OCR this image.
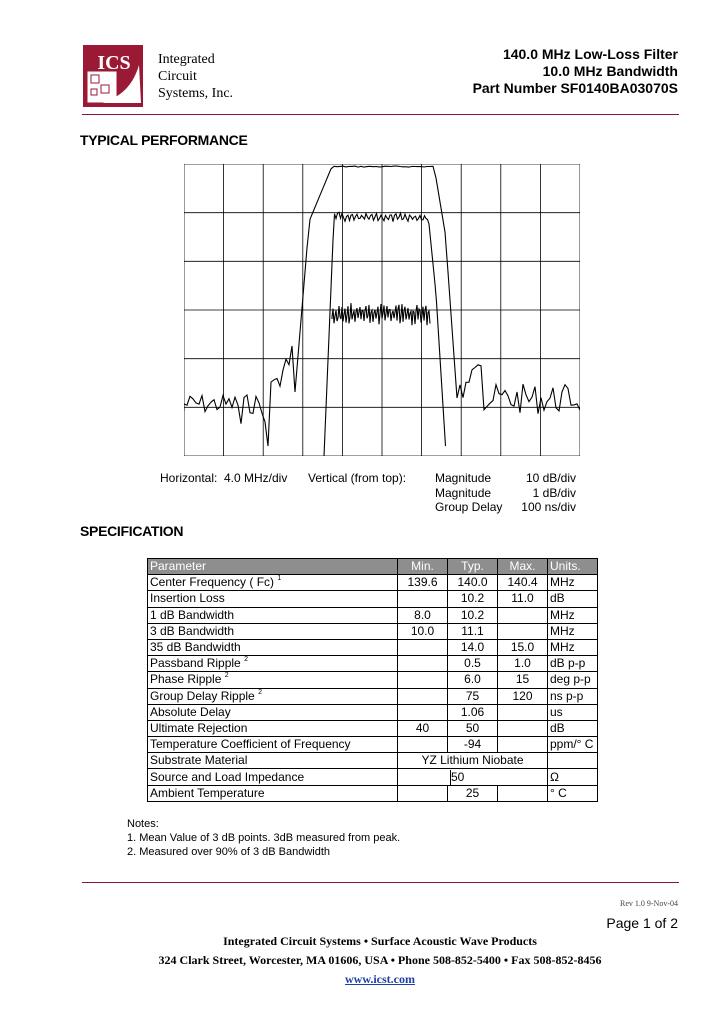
ICS Integrated
Circuit
Systems, Inc.
140.0 MHz Low-Loss Filter
10.0 MHz Bandwidth
Part Number SF0140BA03070S
TYPICAL PERFORMANCE
Horizontal: 4.0 MHz/div Vertical (from top): Magnitude
Magnitude
Group Delay
10 dB/div
1 dB/div
100 ns/div
SPECIFICATION
Parameter	Min.	Typ.	Max.	Units.
Center Frequency ( Fc) $^1$	139.6	140.0	140.4	MHz
Insertion Loss		10.2	11.0	dB
1 dB Bandwidth	8.0	10.2		MHz
3 dB Bandwidth	10.0	11.1		MHz
35 dB Bandwidth		14.0	15.0	MHz
Passband Ripple $^2$		0.5	1.0	dB p-p
Phase Ripple $^2$		6.0	15	deg p-p
Group Delay Ripple $^2$		75	120	ns p-p
Absolute Delay		1.06		us
Ultimate Rejection	40	50		dB
Temperature Coefficient of Frequency		-94		ppm/° C
Substrate Material	YZ Lithium Niobate			
Source and Load Impedance	50			Ω
Ambient Temperature		25		° C
Notes:
1. Mean Value of 3 dB points. 3dB measured from peak.
2. Measured over 90% of 3 dB Bandwidth
Rev 1.0 9-Nov-04
Page 1 of 2
Integrated Circuit Systems • Surface Acoustic Wave Products
324 Clark Street, Worcester, MA 01606, USA • Phone 508-852-5400 • Fax 508-852-8456
www.icst.com
